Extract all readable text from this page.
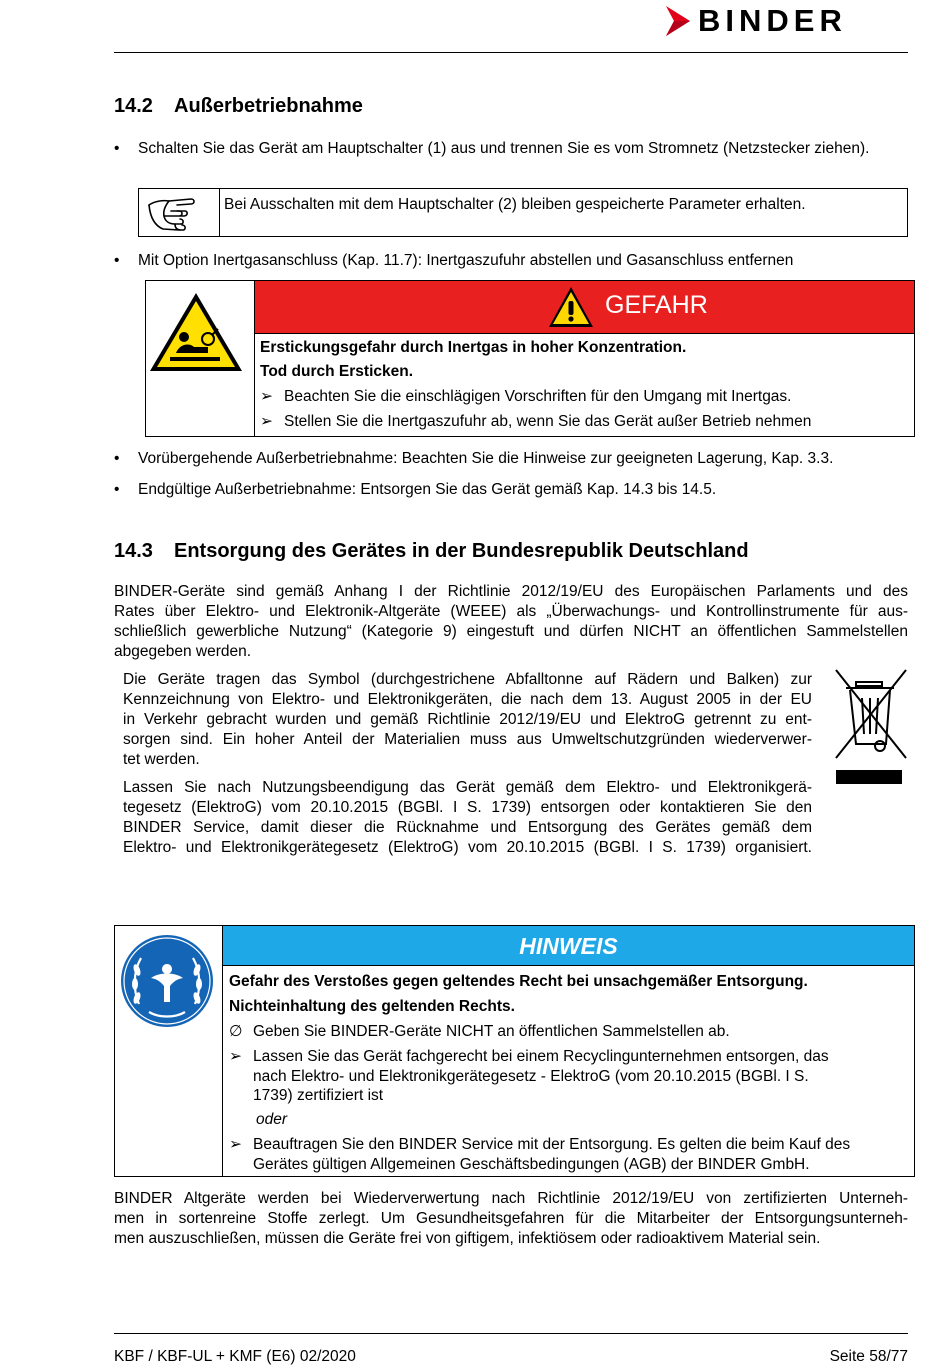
BINDER
14.2 Außerbetriebnahme
• Schalten Sie das Gerät am Hauptschalter (1) aus und trennen Sie es vom Stromnetz (Netzstecker ziehen).
Bei Ausschalten mit dem Hauptschalter (2) bleiben gespeicherte Parameter erhalten.
• Mit Option Inertgasanschluss (Kap. 11.7): Inertgaszufuhr abstellen und Gasanschluss entfernen
GEFAHR
Erstickungsgefahr durch Inertgas in hoher Konzentration.
Tod durch Ersticken.
➢ Beachten Sie die einschlägigen Vorschriften für den Umgang mit Inertgas.
➢ Stellen Sie die Inertgaszufuhr ab, wenn Sie das Gerät außer Betrieb nehmen
• Vorübergehende Außerbetriebnahme: Beachten Sie die Hinweise zur geeigneten Lagerung, Kap. 3.3.
• Endgültige Außerbetriebnahme: Entsorgen Sie das Gerät gemäß Kap. 14.3 bis 14.5.
14.3 Entsorgung des Gerätes in der Bundesrepublik Deutschland
BINDER-Geräte sind gemäß Anhang I der Richtlinie 2012/19/EU des Europäischen Parlaments und des
Rates über Elektro- und Elektronik-Altgeräte (WEEE) als „Überwachungs- und Kontrollinstrumente für aus-
schließlich gewerbliche Nutzung“ (Kategorie 9) eingestuft und dürfen NICHT an öffentlichen Sammelstellen
abgegeben werden.
Die Geräte tragen das Symbol (durchgestrichene Abfalltonne auf Rädern und Balken) zur
Kennzeichnung von Elektro- und Elektronikgeräten, die nach dem 13. August 2005 in der EU
in Verkehr gebracht wurden und gemäß Richtlinie 2012/19/EU und ElektroG getrennt zu ent-
sorgen sind. Ein hoher Anteil der Materialien muss aus Umweltschutzgründen wiederverwer-
tet werden.
Lassen Sie nach Nutzungsbeendigung das Gerät gemäß dem Elektro- und Elektronikgerä-
tegesetz (ElektroG) vom 20.10.2015 (BGBl. I S. 1739) entsorgen oder kontaktieren Sie den
BINDER Service, damit dieser die Rücknahme und Entsorgung des Gerätes gemäß dem
Elektro- und Elektronikgerätegesetz (ElektroG) vom 20.10.2015 (BGBl. I S. 1739) organisiert.
HINWEIS
Gefahr des Verstoßes gegen geltendes Recht bei unsachgemäßer Entsorgung.
Nichteinhaltung des geltenden Rechts.
∅ Geben Sie BINDER-Geräte NICHT an öffentlichen Sammelstellen ab.
➢ Lassen Sie das Gerät fachgerecht bei einem Recyclingunternehmen entsorgen, das
nach Elektro- und Elektronikgerätegesetz - ElektroG (vom 20.10.2015 (BGBl. I S.
1739) zertifiziert ist
oder
➢ Beauftragen Sie den BINDER Service mit der Entsorgung. Es gelten die beim Kauf des
Gerätes gültigen Allgemeinen Geschäftsbedingungen (AGB) der BINDER GmbH.
BINDER Altgeräte werden bei Wiederverwertung nach Richtlinie 2012/19/EU von zertifizierten Unterneh-
men in sortenreine Stoffe zerlegt. Um Gesundheitsgefahren für die Mitarbeiter der Entsorgungsunterneh-
men auszuschließen, müssen die Geräte frei von giftigem, infektiösem oder radioaktivem Material sein.
KBF / KBF-UL + KMF (E6) 02/2020	Seite 58/77
